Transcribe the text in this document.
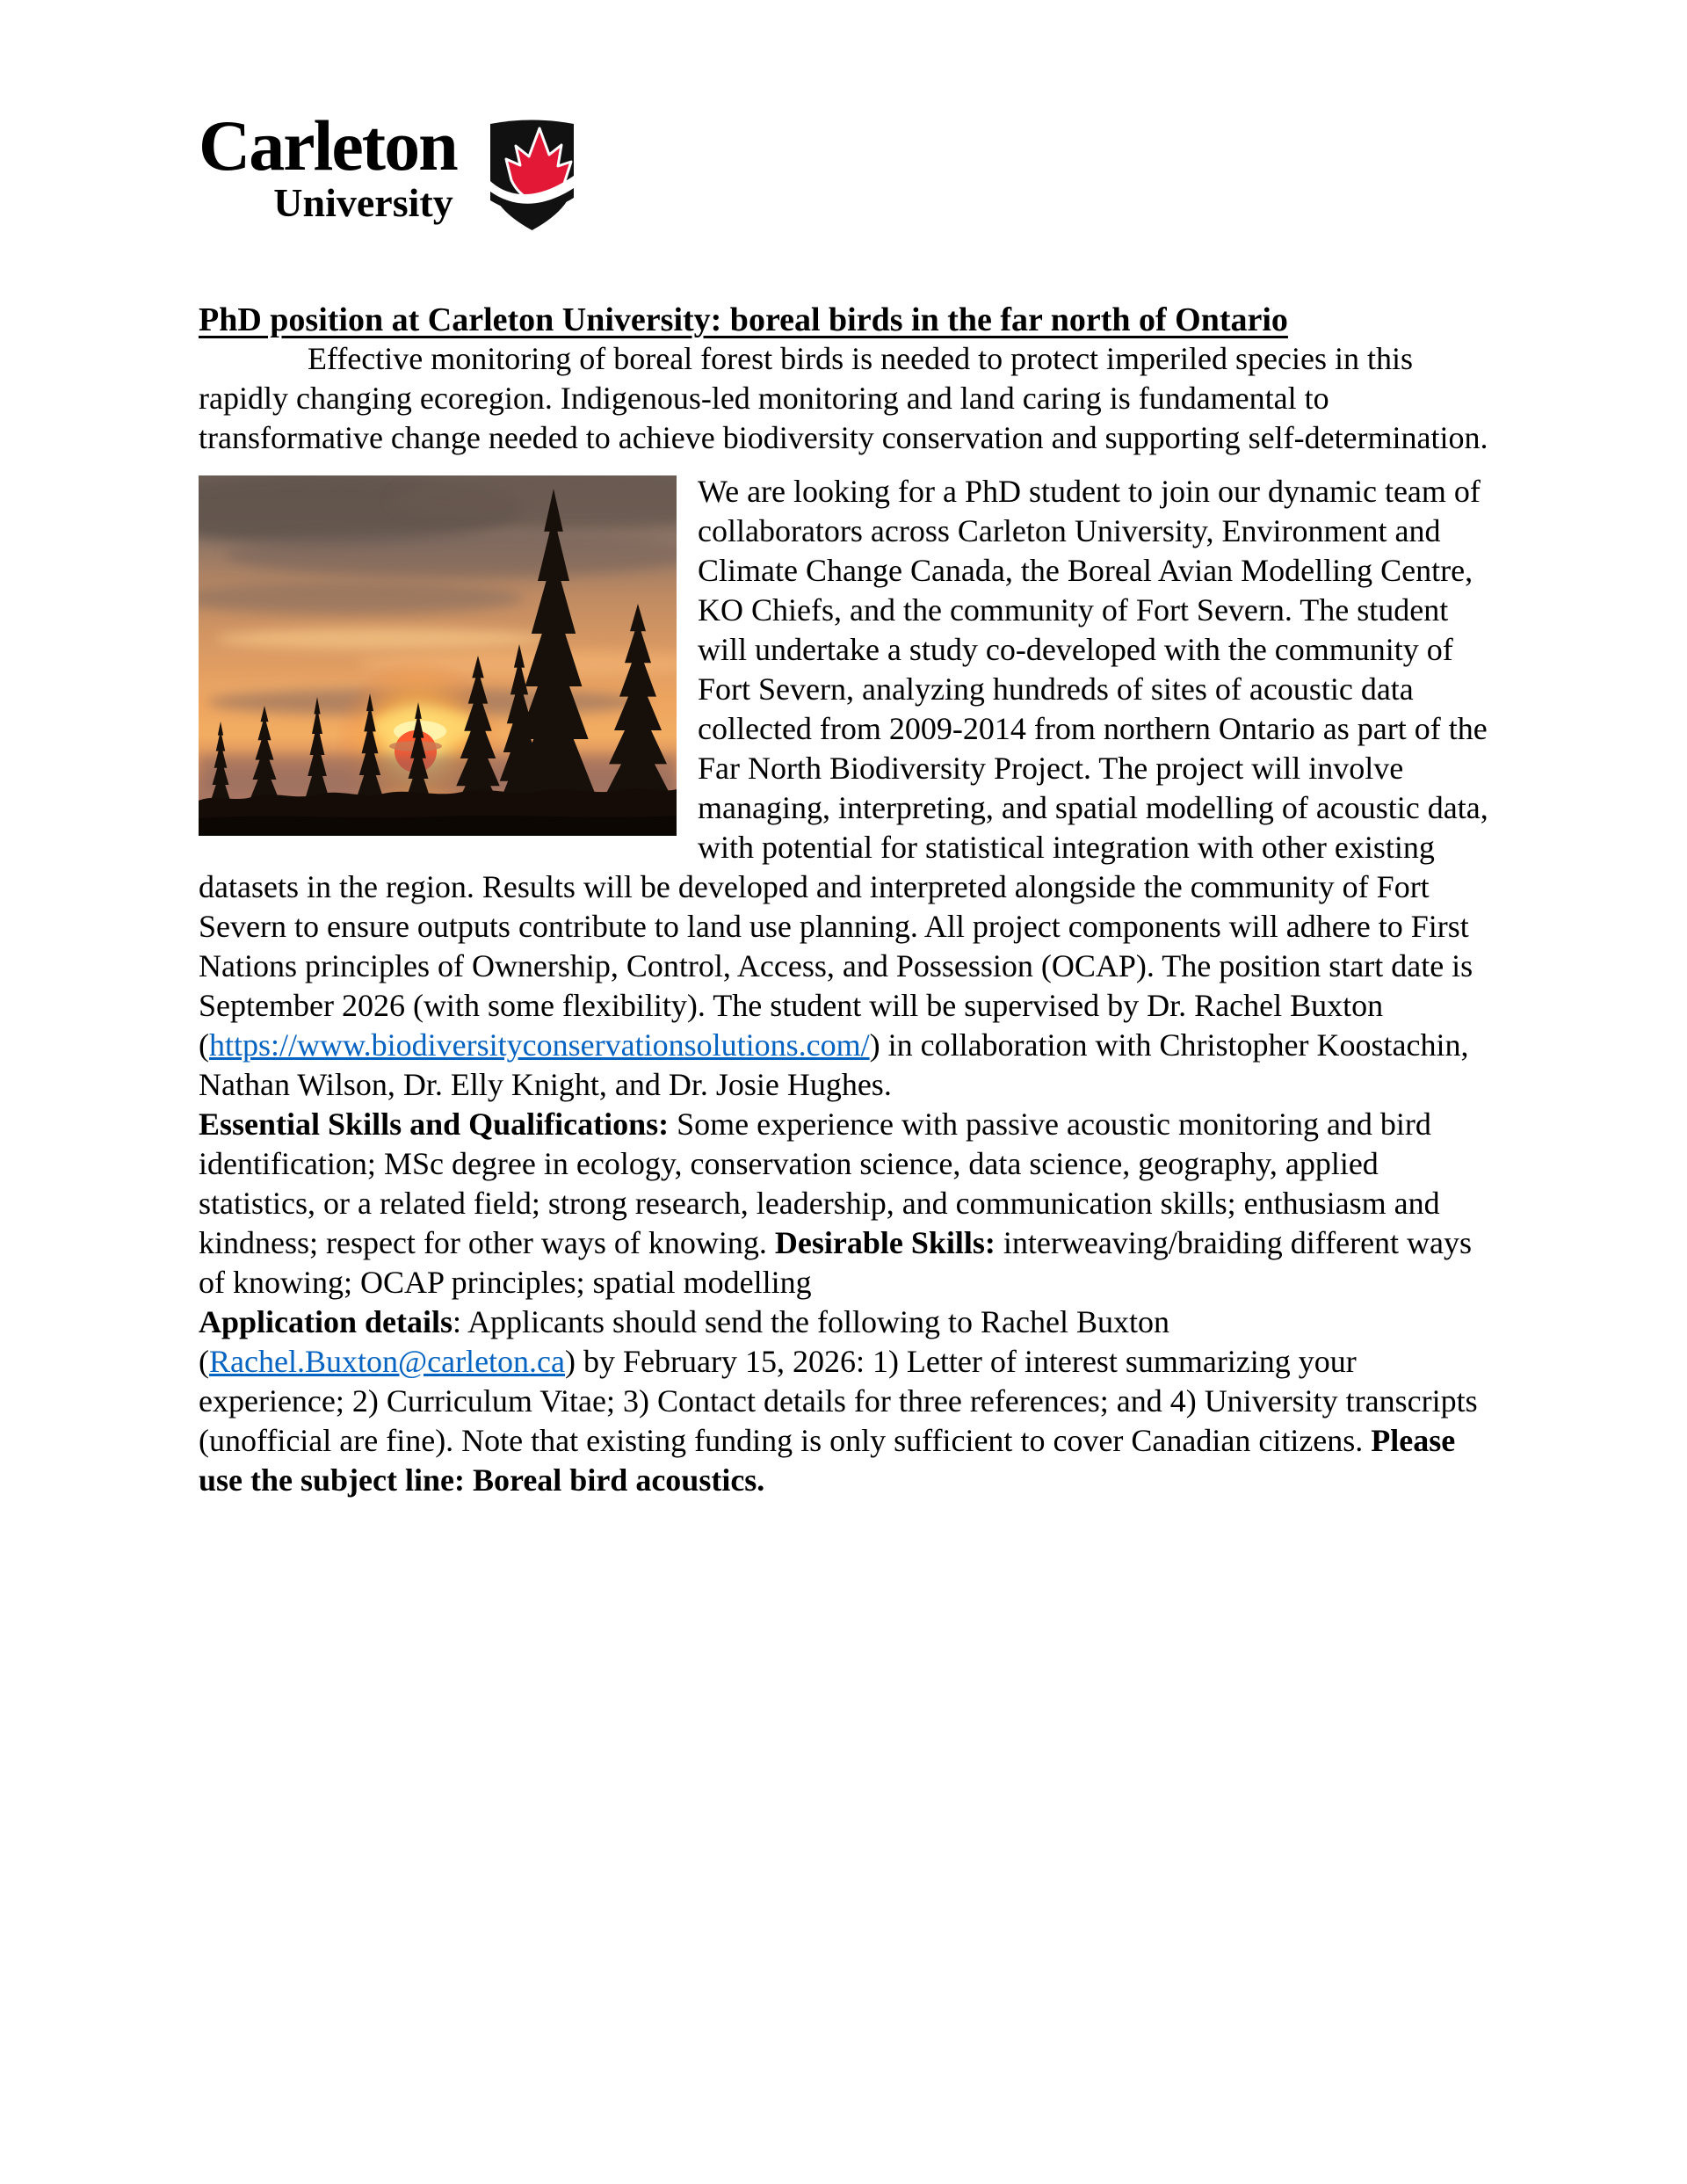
Carleton
University
PhD position at Carleton University: boreal birds in the far north of Ontario

Effective monitoring of boreal forest birds is needed to protect imperiled species in this rapidly changing ecoregion. Indigenous-led monitoring and land caring is fundamental to transformative change needed to achieve biodiversity conservation and supporting self-determination.

We are looking for a PhD student to join our dynamic team of collaborators across Carleton University, Environment and Climate Change Canada, the Boreal Avian Modelling Centre, KO Chiefs, and the community of Fort Severn. The student will undertake a study co-developed with the community of Fort Severn, analyzing hundreds of sites of acoustic data collected from 2009-2014 from northern Ontario as part of the Far North Biodiversity Project. The project will involve managing, interpreting, and spatial modelling of acoustic data, with potential for statistical integration with other existing datasets in the region. Results will be developed and interpreted alongside the community of Fort Severn to ensure outputs contribute to land use planning. All project components will adhere to First Nations principles of Ownership, Control, Access, and Possession (OCAP). The position start date is September 2026 (with some flexibility). The student will be supervised by Dr. Rachel Buxton (https://www.biodiversityconservationsolutions.com/) in collaboration with Christopher Koostachin, Nathan Wilson, Dr. Elly Knight, and Dr. Josie Hughes.

Essential Skills and Qualifications: Some experience with passive acoustic monitoring and bird identification; MSc degree in ecology, conservation science, data science, geography, applied statistics, or a related field; strong research, leadership, and communication skills; enthusiasm and kindness; respect for other ways of knowing. Desirable Skills: interweaving/braiding different ways of knowing; OCAP principles; spatial modelling

Application details: Applicants should send the following to Rachel Buxton (Rachel.Buxton@carleton.ca) by February 15, 2026: 1) Letter of interest summarizing your experience; 2) Curriculum Vitae; 3) Contact details for three references; and 4) University transcripts (unofficial are fine). Note that existing funding is only sufficient to cover Canadian citizens. Please use the subject line: Boreal bird acoustics.
